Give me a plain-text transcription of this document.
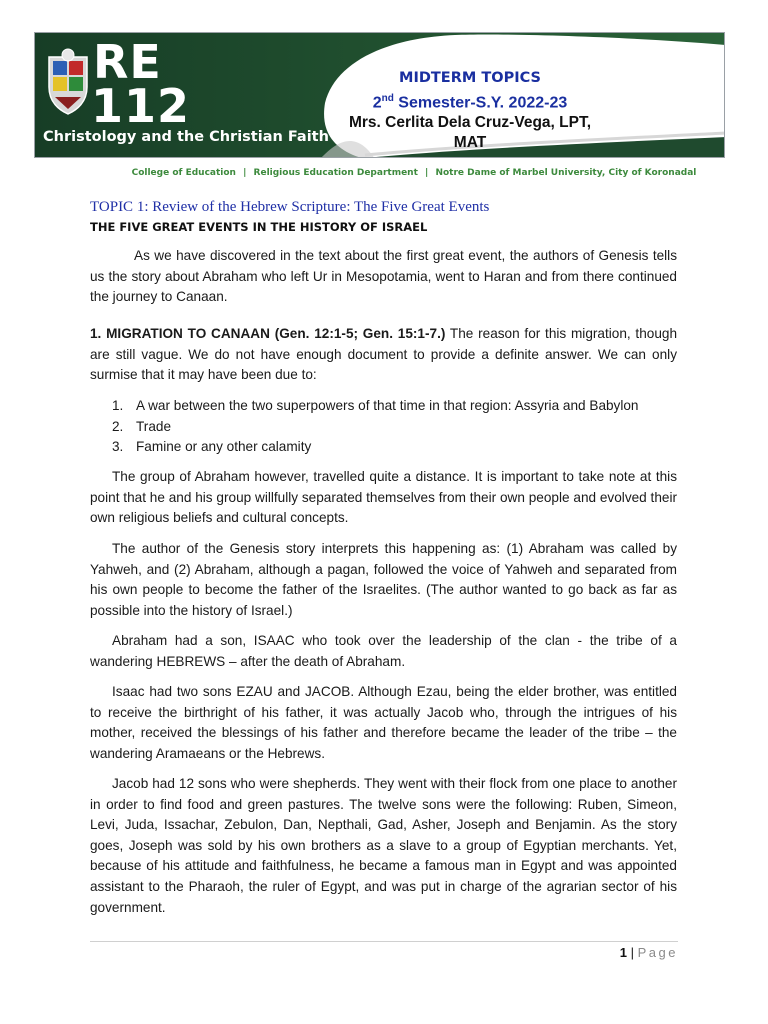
RE
112
Christology and the Christian Faith
MIDTERM TOPICS
2nd Semester-S.Y. 2022-23
Mrs. Cerlita Dela Cruz-Vega, LPT, MAT
College of Education | Religious Education Department | Notre Dame of Marbel University, City of Koronadal
TOPIC 1: Review of the Hebrew Scripture: The Five Great Events
THE FIVE GREAT EVENTS IN THE HISTORY OF ISRAEL
As we have discovered in the text about the first great event, the authors of Genesis tells us the story about Abraham who left Ur in Mesopotamia, went to Haran and from there continued the journey to Canaan.
1. MIGRATION TO CANAAN (Gen. 12:1-5; Gen. 15:1-7.) The reason for this migration, though are still vague. We do not have enough document to provide a definite answer. We can only surmise that it may have been due to:
1. A war between the two superpowers of that time in that region: Assyria and Babylon
2. Trade
3. Famine or any other calamity
The group of Abraham however, travelled quite a distance. It is important to take note at this point that he and his group willfully separated themselves from their own people and evolved their own religious beliefs and cultural concepts.
The author of the Genesis story interprets this happening as: (1) Abraham was called by Yahweh, and (2) Abraham, although a pagan, followed the voice of Yahweh and separated from his own people to become the father of the Israelites. (The author wanted to go back as far as possible into the history of Israel.)
Abraham had a son, ISAAC who took over the leadership of the clan - the tribe of a wandering HEBREWS – after the death of Abraham.
Isaac had two sons EZAU and JACOB. Although Ezau, being the elder brother, was entitled to receive the birthright of his father, it was actually Jacob who, through the intrigues of his mother, received the blessings of his father and therefore became the leader of the tribe – the wandering Aramaeans or the Hebrews.
Jacob had 12 sons who were shepherds. They went with their flock from one place to another in order to find food and green pastures. The twelve sons were the following: Ruben, Simeon, Levi, Juda, Issachar, Zebulon, Dan, Nepthali, Gad, Asher, Joseph and Benjamin. As the story goes, Joseph was sold by his own brothers as a slave to a group of Egyptian merchants. Yet, because of his attitude and faithfulness, he became a famous man in Egypt and was appointed assistant to the Pharaoh, the ruler of Egypt, and was put in charge of the agrarian sector of his government.
1 | Page
